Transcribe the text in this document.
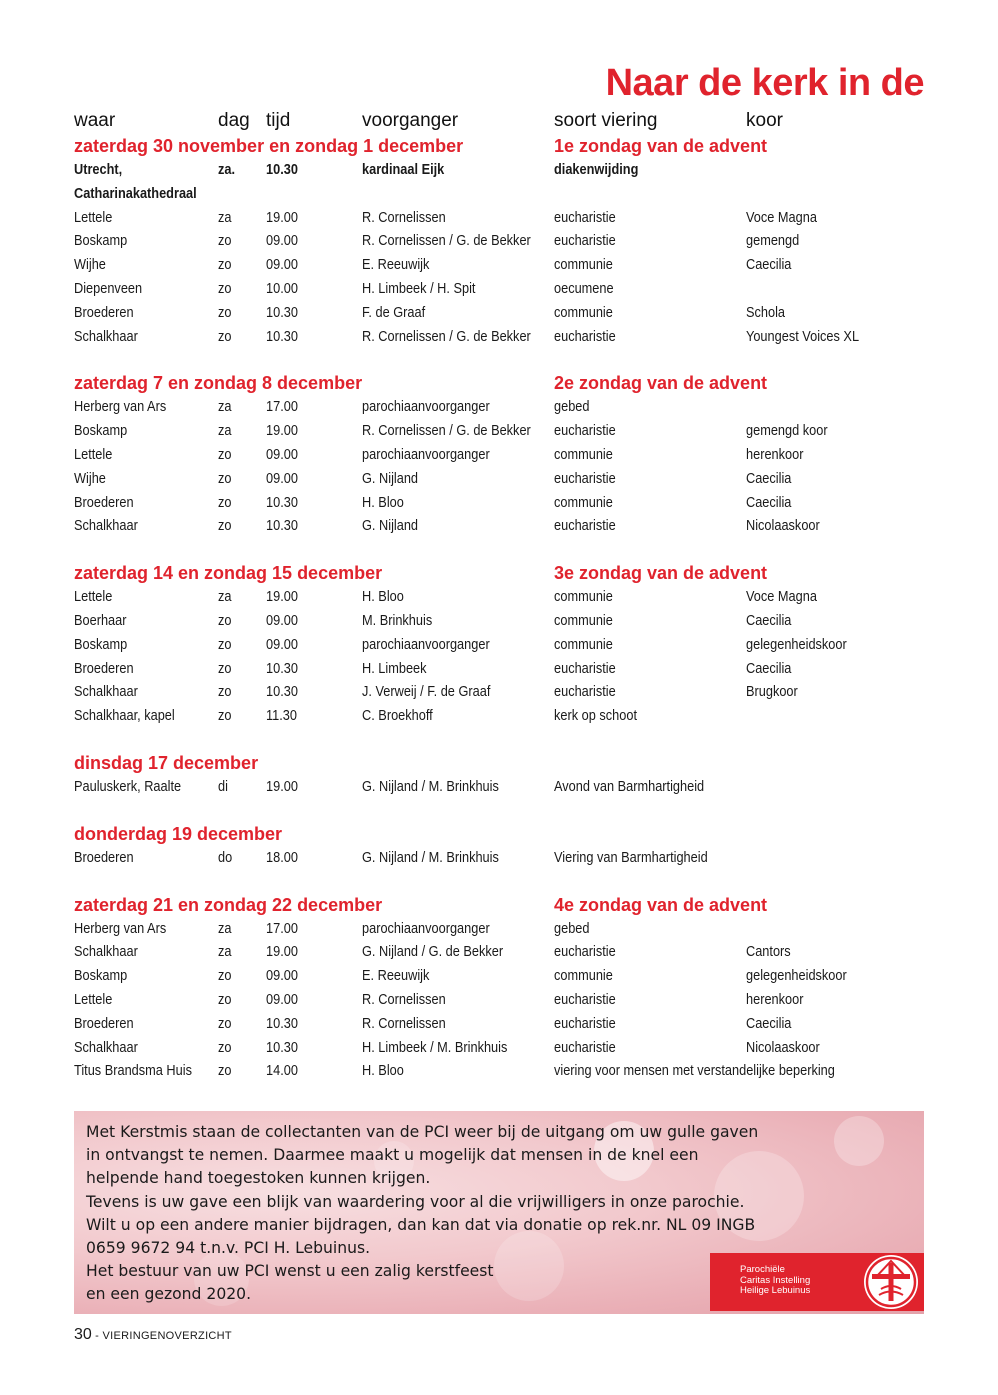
Naar de kerk in de
waar	dag tijd	voorganger	soort viering	koor
zaterdag 30 november en zondag 1 december	1e zondag van de advent
Utrecht,	za. 10.30	kardinaal Eijk	diakenwijding
Catharinakathedraal
Lettele	za 19.00	R. Cornelissen	eucharistie	Voce Magna
Boskamp	zo 09.00	R. Cornelissen / G. de Bekker eucharistie	gemengd
Wijhe	zo 09.00	E. Reeuwijk	communie	Caecilia
Diepenveen	zo 10.00	H. Limbeek / H. Spit	oecumene
Broederen	zo 10.30	F. de Graaf	communie	Schola
Schalkhaar	zo 10.30	R. Cornelissen / G. de Bekker eucharistie	Youngest Voices XL
zaterdag 7 en zondag 8 december	2e zondag van de advent
Herberg van Ars	za 17.00	parochiaanvoorganger	gebed
Boskamp	za 19.00	R. Cornelissen / G. de Bekker eucharistie	gemengd koor
Lettele	zo 09.00	parochiaanvoorganger	communie	herenkoor
Wijhe	zo 09.00	G. Nijland	eucharistie	Caecilia
Broederen	zo 10.30	H. Bloo	communie	Caecilia
Schalkhaar	zo 10.30	G. Nijland	eucharistie	Nicolaaskoor
zaterdag 14 en zondag 15 december	3e zondag van de advent
Lettele	za 19.00	H. Bloo	communie	Voce Magna
Boerhaar	zo 09.00	M. Brinkhuis	communie	Caecilia
Boskamp	zo 09.00	parochiaanvoorganger	communie	gelegenheidskoor
Broederen	zo 10.30	H. Limbeek	eucharistie	Caecilia
Schalkhaar	zo 10.30	J. Verweij / F. de Graaf	eucharistie	Brugkoor
Schalkhaar, kapel	zo 11.30	C. Broekhoff	kerk op schoot
dinsdag 17 december
Pauluskerk, Raalte	di	19.00	G. Nijland / M. Brinkhuis	Avond van Barmhartigheid
donderdag 19 december
Broederen	do 18.00	G. Nijland / M. Brinkhuis	Viering van Barmhartigheid
zaterdag 21 en zondag 22 december	4e zondag van de advent
Herberg van Ars	za 17.00	parochiaanvoorganger	gebed
Schalkhaar	za 19.00	G. Nijland / G. de Bekker	eucharistie	Cantors
Boskamp	zo 09.00	E. Reeuwijk	communie	gelegenheidskoor
Lettele	zo 09.00	R. Cornelissen	eucharistie	herenkoor
Broederen	zo 10.30	R. Cornelissen	eucharistie	Caecilia
Schalkhaar	zo 10.30	H. Limbeek / M. Brinkhuis	eucharistie	Nicolaaskoor
Titus Brandsma Huis zo 14.00	H. Bloo	viering voor mensen met verstandelijke beperking

Met Kerstmis staan de collectanten van de PCI weer bij de uitgang om uw gulle gaven
in ontvangst te nemen. Daarmee maakt u mogelijk dat mensen in de knel een
helpende hand toegestoken kunnen krijgen.
Tevens is uw gave een blijk van waardering voor al die vrijwilligers in onze parochie.
Wilt u op een andere manier bijdragen, dan kan dat via donatie op rek.nr. NL 09 INGB
0659 9672 94 t.n.v. PCI H. Lebuinus.
Het bestuur van uw PCI wenst u een zalig kerstfeest
en een gezond 2020.

Parochiële
Caritas Instelling
Heilige Lebuinus
30 - VIERINGENOVERZICHT
